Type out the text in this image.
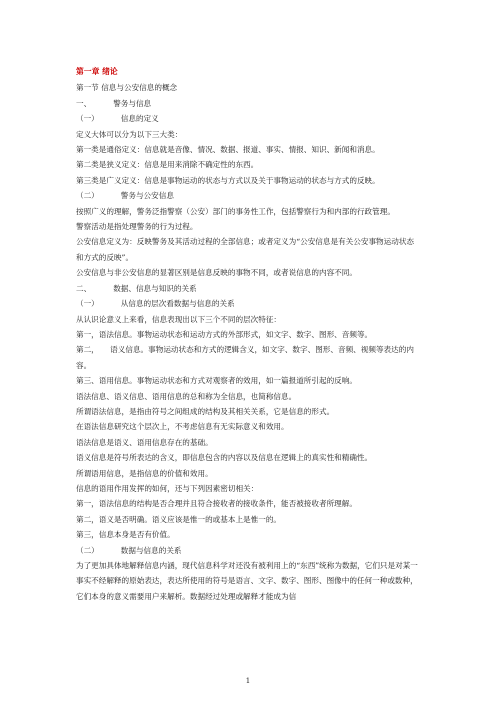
第一章 绪论

第一节 信息与公安信息的概念

一、	警务与信息

（一）	信息的定义

定义大体可以分为以下三大类：

第一类是通俗定义：信息就是音像、情况、数据、报道、事实、情报、知识、新闻和消息。

第二类是狭义定义：信息是用来消除不确定性的东西。

第三类是广义定义：信息是事物运动的状态与方式以及关于事物运动的状态与方式的反映。

（二）	警务与公安信息

按照广义的理解，警务泛指警察（公安）部门的事务性工作，包括警察行为和内部的行政管理。

警察活动是指处理警务的行为过程。

公安信息定义为：反映警务及其活动过程的全部信息；或者定义为“公安信息是有关公安事物运动状态和方式的反映”。

公安信息与非公安信息的显著区别是信息反映的事物不同，或者说信息的内容不同。

二、	数据、信息与知识的关系

（一）	从信息的层次看数据与信息的关系

从认识论意义上来看，信息表现出以下三个不同的层次特征：

第一，语法信息。事物运动状态和运动方式的外部形式，如文字、数字、图形、音频等。

第二，　　语义信息。事物运动状态和方式的逻辑含义，如文字、数字、图形、音频、视频等表达的内容。

第三、语用信息。事物运动状态和方式对观察者的效用，如一篇报道所引起的反响。

语法信息、语义信息、语用信息的总和称为全信息，也简称信息。

所谓语法信息，是指由符号之间组成的结构及其相关关系，它是信息的形式。

在语法信息研究这个层次上，不考虑信息有无实际意义和效用。

语法信息是语义、语用信息存在的基础。

语义信息是符号所表达的含义，即信息包含的内容以及信息在逻辑上的真实性和精确性。

所谓语用信息，是指信息的价值和效用。

信息的语用作用发挥的如何，还与下列因素密切相关：

第一，语法信息的结构是否合理并且符合接收者的接收条件，能否被接收者所理解。

第二，语义是否明确。语义应该是惟一的或基本上是惟一的。

第三，信息本身是否有价值。

（二）	数据与信息的关系

为了更加具体地解释信息内涵，现代信息科学对还没有被利用上的“东西”统称为数据，它们只是对某一事实不经解释的原始表达，表达所使用的符号是语言、文字、数字、图形、图像中的任何一种或数种，它们本身的意义需要用户来解析。数据经过处理或解释才能成为信

1
